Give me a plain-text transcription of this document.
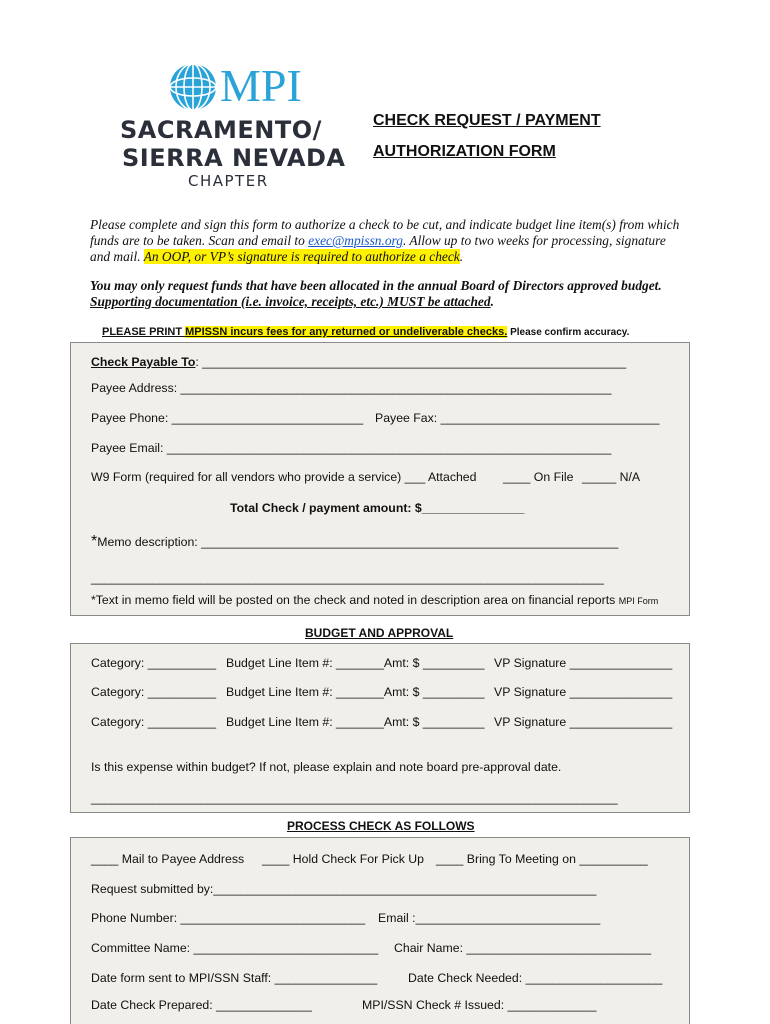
MPI
SACRAMENTO/
SIERRA NEVADA
CHAPTER
CHECK REQUEST / PAYMENT
AUTHORIZATION FORM
Please complete and sign this form to authorize a check to be cut, and indicate budget line item(s) from which funds are to be taken. Scan and email to exec@mpissn.org. Allow up to two weeks for processing, signature and mail. An OOP, or VP’s signature is required to authorize a check.
You may only request funds that have been allocated in the annual Board of Directors approved budget. Supporting documentation (i.e. invoice, receipts, etc.) MUST be attached.
PLEASE PRINT MPISSN incurs fees for any returned or undeliverable checks. Please confirm accuracy.
Check Payable To: ______________________________________________________________
Payee Address: _______________________________________________________________
Payee Phone: ____________________________ Payee Fax: ________________________________
Payee Email: _________________________________________________________________
W9 Form (required for all vendors who provide a service) ___ Attached ____ On File _____ N/A
Total Check / payment amount: $_______________
*Memo description: _____________________________________________________________
___________________________________________________________________________
*Text in memo field will be posted on the check and noted in description area on financial reports MPI Form
BUDGET AND APPROVAL
Category: __________ Budget Line Item #: _______Amt: $ _________ VP Signature _______________
Category: __________ Budget Line Item #: _______Amt: $ _________ VP Signature _______________
Category: __________ Budget Line Item #: _______Amt: $ _________ VP Signature _______________
Is this expense within budget? If not, please explain and note board pre-approval date.
_____________________________________________________________________________
PROCESS CHECK AS FOLLOWS
____ Mail to Payee Address ____ Hold Check For Pick Up ____ Bring To Meeting on __________
Request submitted by:________________________________________________________
Phone Number: ___________________________ Email :___________________________
Committee Name: ___________________________ Chair Name: ___________________________
Date form sent to MPI/SSN Staff: _______________	Date Check Needed: ____________________
Date Check Prepared: ______________	MPI/SSN Check # Issued: _____________
